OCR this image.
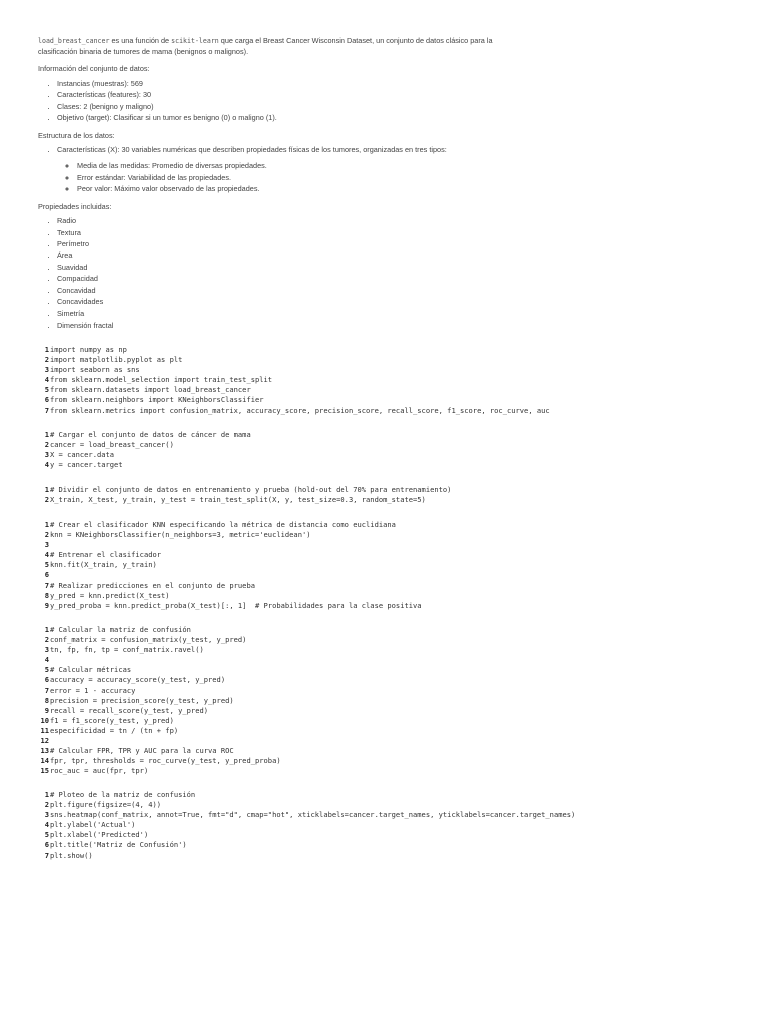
load_breast_cancer es una función de scikit-learn que carga el Breast Cancer Wisconsin Dataset, un conjunto de datos clásico para la
clasificación binaria de tumores de mama (benignos o malignos).

Información del conjunto de datos:
• Instancias (muestras): 569
• Características (features): 30
• Clases: 2 (benigno y maligno)
• Objetivo (target): Clasificar si un tumor es benigno (0) o maligno (1).
Estructura de los datos:
• Características (X): 30 variables numéricas que describen propiedades físicas de los tumores, organizadas en tres tipos:
◦ Media de las medidas: Promedio de diversas propiedades.
◦ Error estándar: Variabilidad de las propiedades.
◦ Peor valor: Máximo valor observado de las propiedades.
Propiedades incluidas:
• Radio
• Textura
• Perímetro
• Área
• Suavidad
• Compacidad
• Concavidad
• Concavidades
• Simetría
• Dimensión fractal
1import numpy as np
2import matplotlib.pyplot as plt
3import seaborn as sns
4from sklearn.model_selection import train_test_split
5from sklearn.datasets import load_breast_cancer
6from sklearn.neighbors import KNeighborsClassifier
7from sklearn.metrics import confusion_matrix, accuracy_score, precision_score, recall_score, f1_score, roc_curve, auc
1# Cargar el conjunto de datos de cáncer de mama
2cancer = load_breast_cancer()
3X = cancer.data
4y = cancer.target
1# Dividir el conjunto de datos en entrenamiento y prueba (hold-out del 70% para entrenamiento)
2X_train, X_test, y_train, y_test = train_test_split(X, y, test_size=0.3, random_state=5)
1# Crear el clasificador KNN especificando la métrica de distancia como euclidiana
2knn = KNeighborsClassifier(n_neighbors=3, metric='euclidean')
3
4# Entrenar el clasificador
5knn.fit(X_train, y_train)
6
7# Realizar predicciones en el conjunto de prueba
8y_pred = knn.predict(X_test)
9y_pred_proba = knn.predict_proba(X_test)[:, 1]  # Probabilidades para la clase positiva
1# Calcular la matriz de confusión
2conf_matrix = confusion_matrix(y_test, y_pred)
3tn, fp, fn, tp = conf_matrix.ravel()
4
5# Calcular métricas
6accuracy = accuracy_score(y_test, y_pred)
7error = 1 - accuracy
8precision = precision_score(y_test, y_pred)
9recall = recall_score(y_test, y_pred)
10f1 = f1_score(y_test, y_pred)
11especificidad = tn / (tn + fp)
12
13# Calcular FPR, TPR y AUC para la curva ROC
14fpr, tpr, thresholds = roc_curve(y_test, y_pred_proba)
15roc_auc = auc(fpr, tpr)
1# Ploteo de la matriz de confusión
2plt.figure(figsize=(4, 4))
3sns.heatmap(conf_matrix, annot=True, fmt="d", cmap="hot", xticklabels=cancer.target_names, yticklabels=cancer.target_names)
4plt.ylabel('Actual')
5plt.xlabel('Predicted')
6plt.title('Matriz de Confusión')
7plt.show()
